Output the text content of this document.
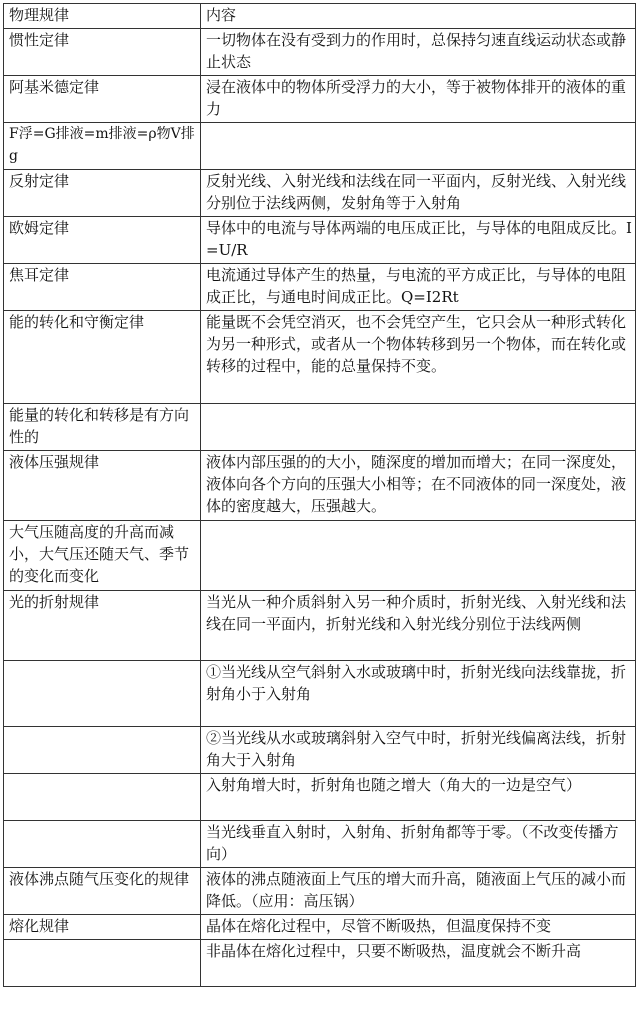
物理规律	内容
惯性定律	一切物体在没有受到力的作用时，总保持匀速直线运动状态或静止状态
阿基米德定律	浸在液体中的物体所受浮力的大小，等于被物体排开的液体的重力
F浮=G排液=m排液=ρ物V排g	
反射定律	反射光线、入射光线和法线在同一平面内，反射光线、入射光线分别位于法线两侧，发射角等于入射角
欧姆定律	导体中的电流与导体两端的电压成正比，与导体的电阻成反比。I=U/R
焦耳定律	电流通过导体产生的热量，与电流的平方成正比，与导体的电阻成正比，与通电时间成正比。Q=I2Rt
能的转化和守衡定律	能量既不会凭空消灭，也不会凭空产生，它只会从一种形式转化为另一种形式，或者从一个物体转移到另一个物体，而在转化或转移的过程中，能的总量保持不变。
能量的转化和转移是有方向性的	
液体压强规律	液体内部压强的的大小，随深度的增加而增大；在同一深度处，液体向各个方向的压强大小相等；在不同液体的同一深度处，液体的密度越大，压强越大。
大气压随高度的升高而减小，大气压还随天气、季节的变化而变化	
光的折射规律	当光从一种介质斜射入另一种介质时，折射光线、入射光线和法线在同一平面内，折射光线和入射光线分别位于法线两侧
	①当光线从空气斜射入水或玻璃中时，折射光线向法线靠拢，折射角小于入射角
	②当光线从水或玻璃斜射入空气中时，折射光线偏离法线，折射角大于入射角
	入射角增大时，折射角也随之增大（角大的一边是空气）
	当光线垂直入射时，入射角、折射角都等于零。（不改变传播方向）
液体沸点随气压变化的规律	液体的沸点随液面上气压的增大而升高，随液面上气压的减小而降低。（应用：高压锅）
熔化规律	晶体在熔化过程中，尽管不断吸热，但温度保持不变
	非晶体在熔化过程中，只要不断吸热，温度就会不断升高
